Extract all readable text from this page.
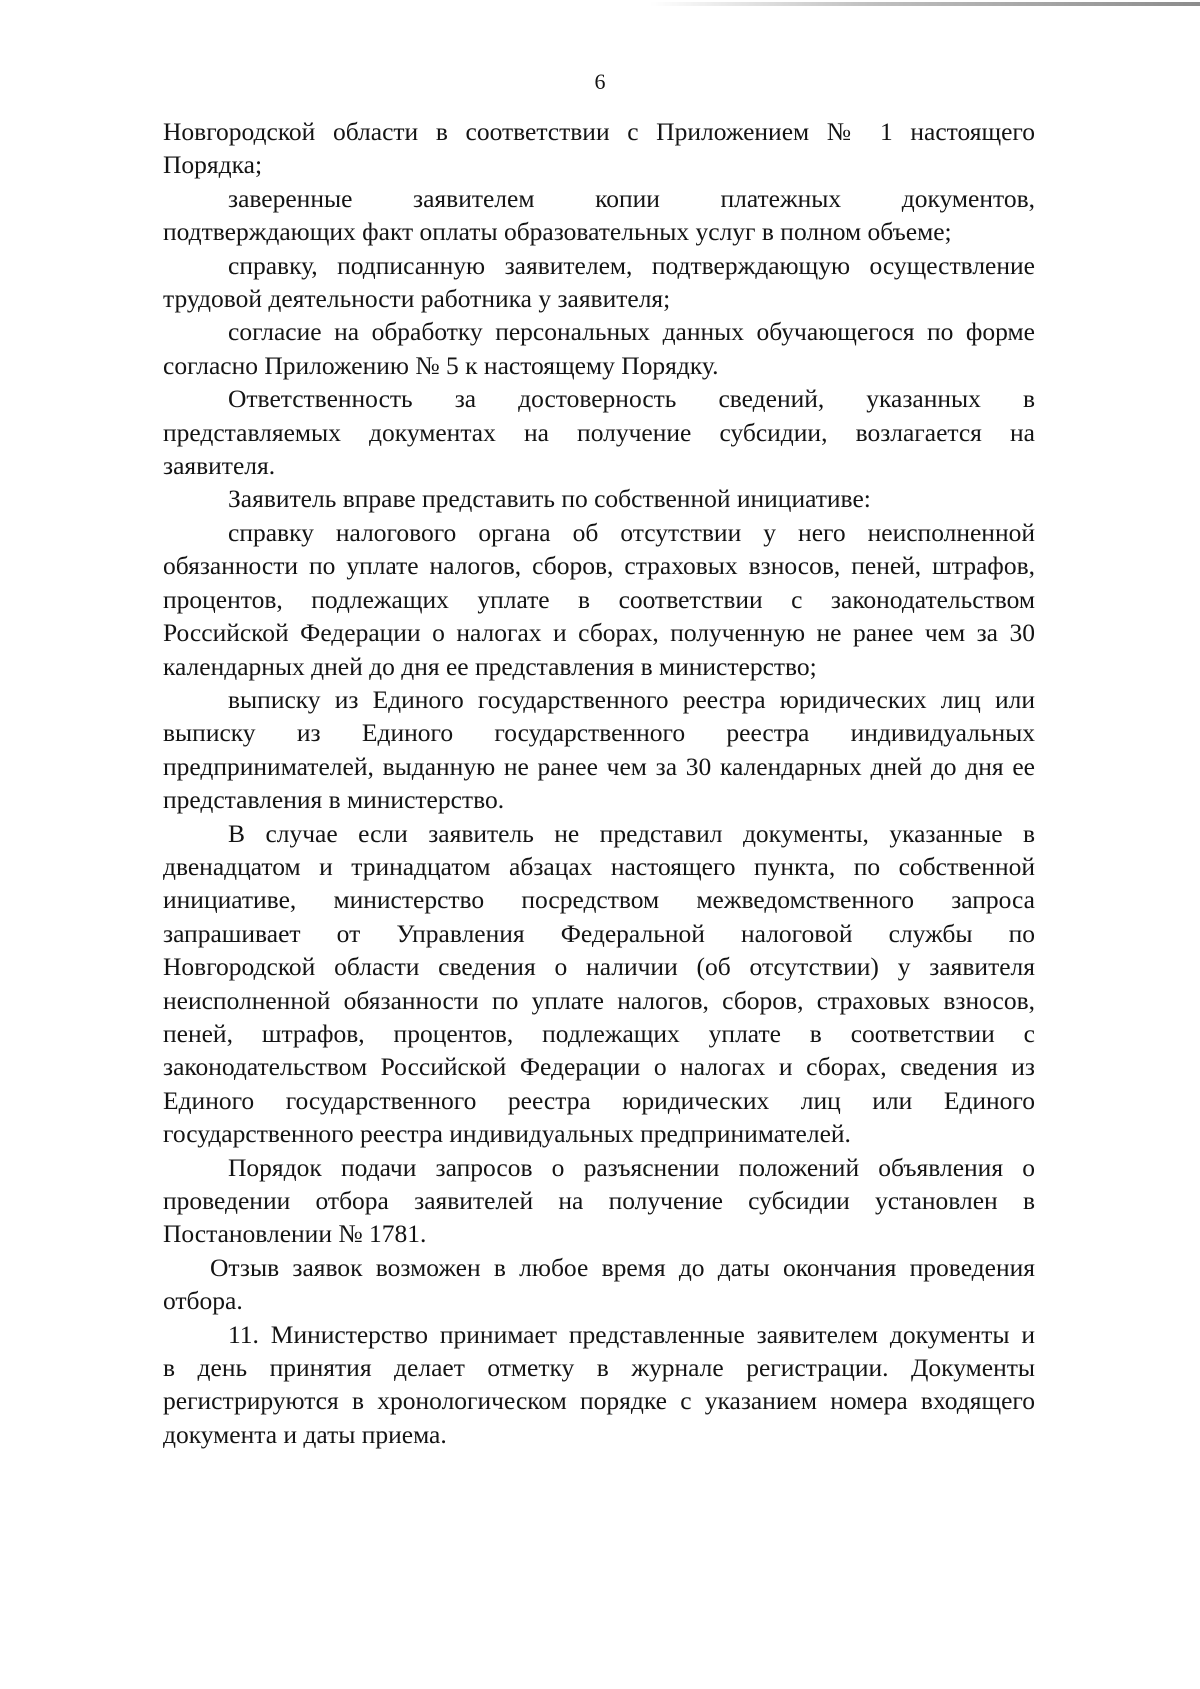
6
Новгородской области в соответствии с Приложением № 1 настоящего
Порядка;
заверенные заявителем копии платежных документов,
подтверждающих факт оплаты образовательных услуг в полном объеме;
справку, подписанную заявителем, подтверждающую осуществление
трудовой деятельности работника у заявителя;
согласие на обработку персональных данных обучающегося по форме
согласно Приложению № 5 к настоящему Порядку.
Ответственность за достоверность сведений, указанных в
представляемых документах на получение субсидии, возлагается на
заявителя.
Заявитель вправе представить по собственной инициативе:
справку налогового органа об отсутствии у него неисполненной
обязанности по уплате налогов, сборов, страховых взносов, пеней, штрафов,
процентов, подлежащих уплате в соответствии с законодательством
Российской Федерации о налогах и сборах, полученную не ранее чем за 30
календарных дней до дня ее представления в министерство;
выписку из Единого государственного реестра юридических лиц или
выписку из Единого государственного реестра индивидуальных
предпринимателей, выданную не ранее чем за 30 календарных дней до дня ее
представления в министерство.
В случае если заявитель не представил документы, указанные в
двенадцатом и тринадцатом абзацах настоящего пункта, по собственной
инициативе, министерство посредством межведомственного запроса
запрашивает от Управления Федеральной налоговой службы по
Новгородской области сведения о наличии (об отсутствии) у заявителя
неисполненной обязанности по уплате налогов, сборов, страховых взносов,
пеней, штрафов, процентов, подлежащих уплате в соответствии с
законодательством Российской Федерации о налогах и сборах, сведения из
Единого государственного реестра юридических лиц или Единого
государственного реестра индивидуальных предпринимателей.
Порядок подачи запросов о разъяснении положений объявления о
проведении отбора заявителей на получение субсидии установлен в
Постановлении № 1781.
Отзыв заявок возможен в любое время до даты окончания проведения
отбора.
11. Министерство принимает представленные заявителем документы и
в день принятия делает отметку в журнале регистрации. Документы
регистрируются в хронологическом порядке с указанием номера входящего
документа и даты приема.
